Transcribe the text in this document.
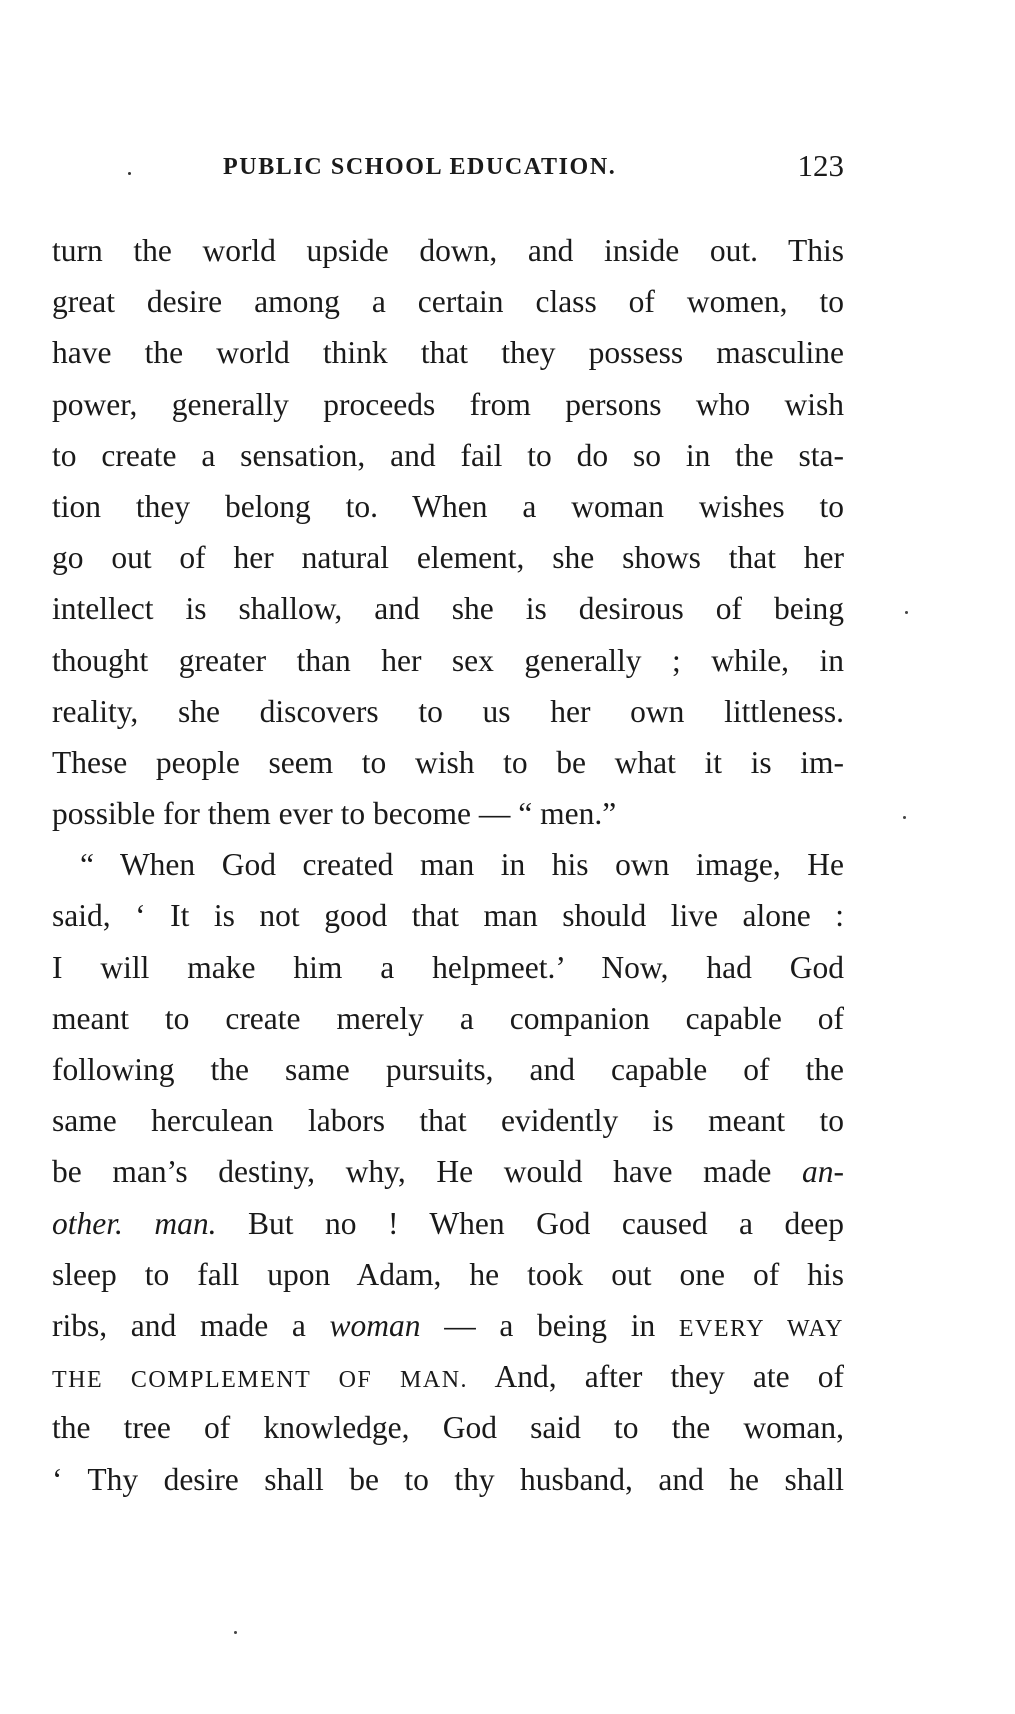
PUBLIC SCHOOL EDUCATION.	123
turn the world upside down, and inside out. This
great desire among a certain class of women, to
have the world think that they possess masculine
power, generally proceeds from persons who wish
to create a sensation, and fail to do so in the sta-
tion they belong to. When a woman wishes to
go out of her natural element, she shows that her
intellect is shallow, and she is desirous of being
thought greater than her sex generally ; while, in
reality, she discovers to us her own littleness.
These people seem to wish to be what it is im-
possible for them ever to become — “ men.”
“ When God created man in his own image, He
said, ‘ It is not good that man should live alone :
I will make him a helpmeet.’ Now, had God
meant to create merely a companion capable of
following the same pursuits, and capable of the
same herculean labors that evidently is meant to
be man’s destiny, why, He would have made an-
other. man. But no ! When God caused a deep
sleep to fall upon Adam, he took out one of his
ribs, and made a woman — a being in EVERY WAY
THE COMPLEMENT OF MAN. And, after they ate of
the tree of knowledge, God said to the woman,
‘ Thy desire shall be to thy husband, and he shall
